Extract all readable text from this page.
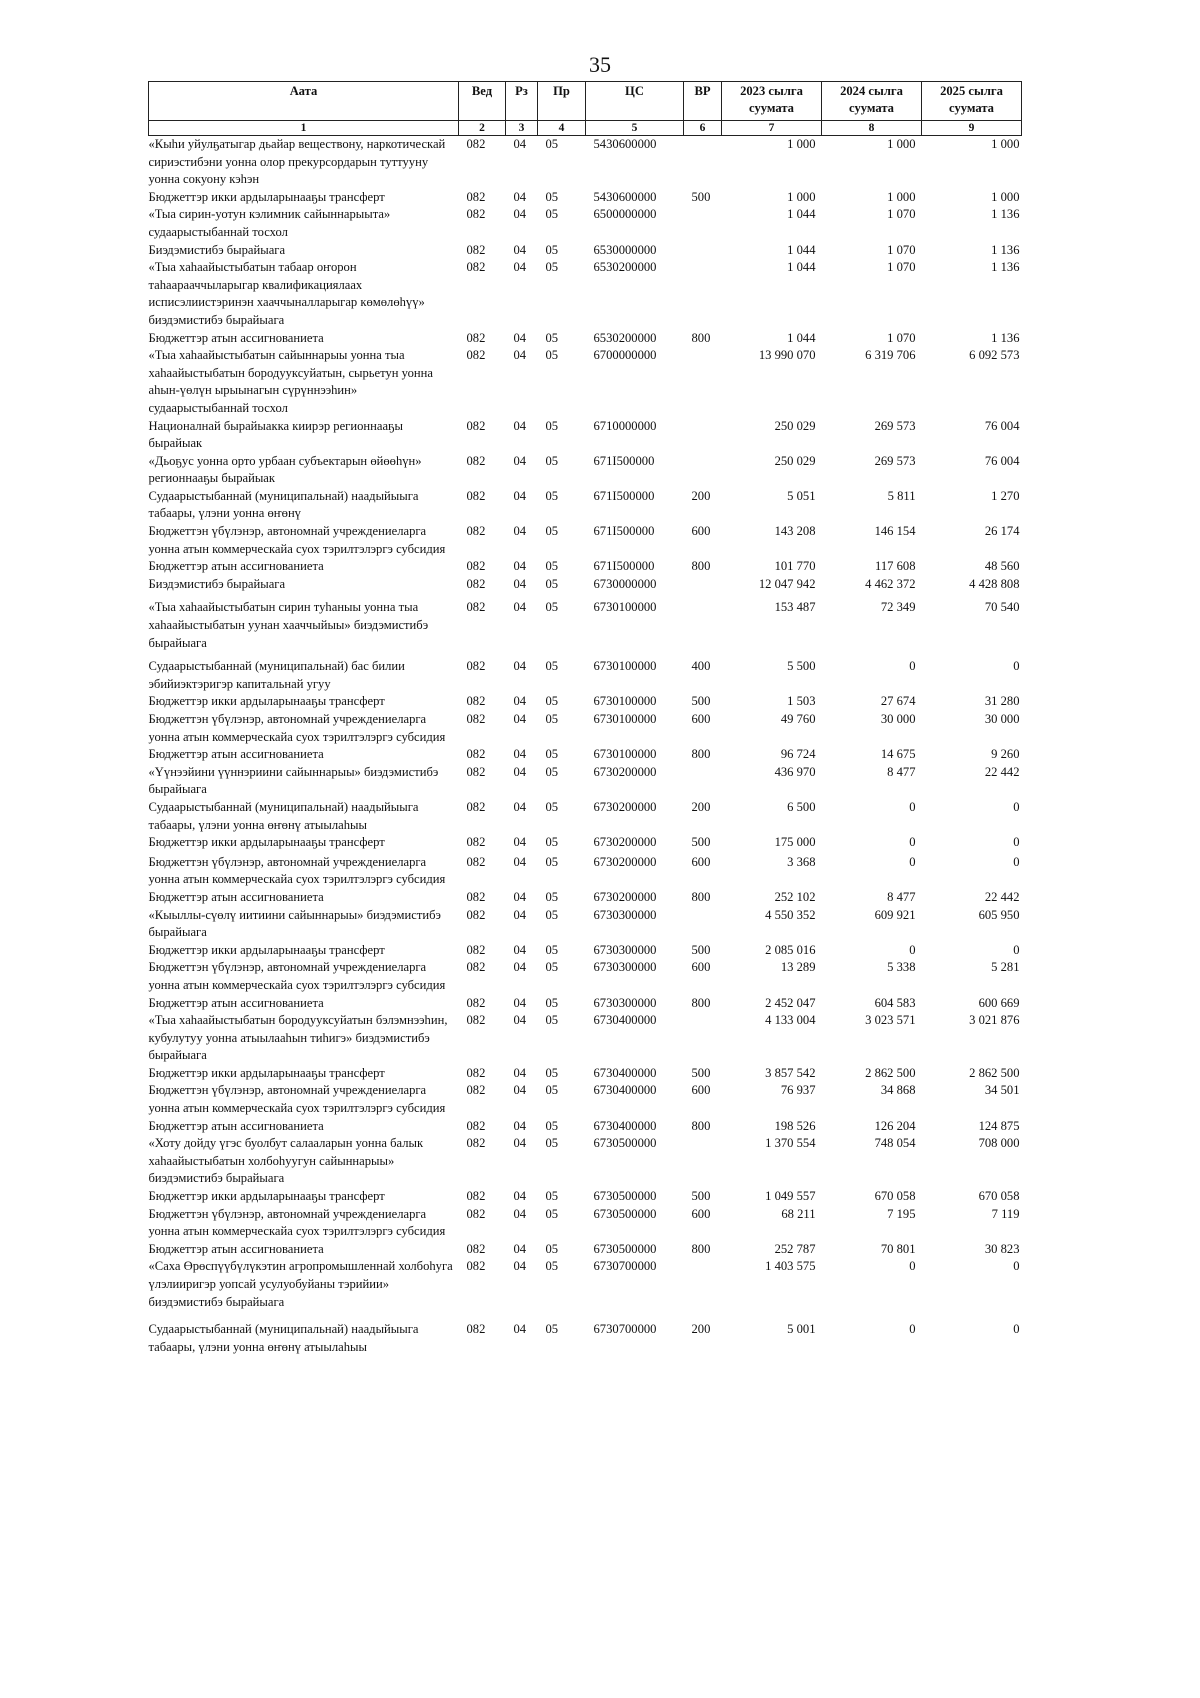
35
Аата	Вед	Рз	Пр	ЦС	ВР	2023 сылга суумата	2024 сылга суумата	2025 сылга суумата
1	2	3	4	5	6	7	8	9
«Кыһи уйулҕатыгар дьайар веществону, наркотическай сириэстибэни уонна олор прекурсордарын туттууну уонна сокуону кэһэн	082	04	05	5430600000		1 000	1 000	1 000
Бюджеттэр икки ардыларынааҕы трансферт	082	04	05	5430600000	500	1 000	1 000	1 000
«Тыа сирин-уотун кэлимник сайыннарыыта» судаарыстыбаннай тосхол	082	04	05	6500000000		1 044	1 070	1 136
Биэдэмистибэ бырайыага	082	04	05	6530000000		1 044	1 070	1 136
«Тыа хаһаайыстыбатын табаар оҥорон таһаарааччыларыгар квалификациялаах исписэлиистэринэн хааччыналларыгар көмөлөһүү» биэдэмистибэ бырайыага	082	04	05	6530200000		1 044	1 070	1 136
Бюджеттэр атын ассигнованиета	082	04	05	6530200000	800	1 044	1 070	1 136
«Тыа хаһаайыстыбатын сайыннарыы уонна тыа хаһаайыстыбатын бородууксуйатын, сырьетун уонна аһын-үөлүн ырыынагын сүрүннээһин» судаарыстыбаннай тосхол	082	04	05	6700000000		13 990 070	6 319 706	6 092 573
Националнай бырайыакка киирэр регионнааҕы бырайыак	082	04	05	6710000000		250 029	269 573	76 004
«Дьоҕус уонна орто урбаан субъектарын өйөөһүн» регионнааҕы бырайыак	082	04	05	671I500000		250 029	269 573	76 004
Судаарыстыбаннай (муниципальнай) наадыйыыга табаары, үлэни уонна өҥөнү	082	04	05	671I500000	200	5 051	5 811	1 270
Бюджеттэн үбүлэнэр, автономнай учреждениеларга уонна атын коммерческайа суох тэрилтэлэргэ субсидия	082	04	05	671I500000	600	143 208	146 154	26 174
Бюджеттэр атын ассигнованиета	082	04	05	671I500000	800	101 770	117 608	48 560
Биэдэмистибэ бырайыага	082	04	05	6730000000		12 047 942	4 462 372	4 428 808
«Тыа хаһаайыстыбатын сирин туһаныы уонна тыа хаһаайыстыбатын уунан хааччыйыы» биэдэмистибэ бырайыага	082	04	05	6730100000		153 487	72 349	70 540
Судаарыстыбаннай (муниципальнай) бас билии эбийиэктэригэр капитальнай угуу	082	04	05	6730100000	400	5 500	0	0
Бюджеттэр икки ардыларынааҕы трансферт	082	04	05	6730100000	500	1 503	27 674	31 280
Бюджеттэн үбүлэнэр, автономнай учреждениеларга уонна атын коммерческайа суох тэрилтэлэргэ субсидия	082	04	05	6730100000	600	49 760	30 000	30 000
Бюджеттэр атын ассигнованиета	082	04	05	6730100000	800	96 724	14 675	9 260
«Үүнээйини үүннэриини сайыннарыы» биэдэмистибэ бырайыага	082	04	05	6730200000		436 970	8 477	22 442
Судаарыстыбаннай (муниципальнай) наадыйыыга табаары, үлэни уонна өҥөнү атыылаһыы	082	04	05	6730200000	200	6 500	0	0
Бюджеттэр икки ардыларынааҕы трансферт	082	04	05	6730200000	500	175 000	0	0
Бюджеттэн үбүлэнэр, автономнай учреждениеларга уонна атын коммерческайа суох тэрилтэлэргэ субсидия	082	04	05	6730200000	600	3 368	0	0
Бюджеттэр атын ассигнованиета	082	04	05	6730200000	800	252 102	8 477	22 442
«Кыыллы-сүөлү иитиини сайыннарыы» биэдэмистибэ бырайыага	082	04	05	6730300000		4 550 352	609 921	605 950
Бюджеттэр икки ардыларынааҕы трансферт	082	04	05	6730300000	500	2 085 016	0	0
Бюджеттэн үбүлэнэр, автономнай учреждениеларга уонна атын коммерческайа суох тэрилтэлэргэ субсидия	082	04	05	6730300000	600	13 289	5 338	5 281
Бюджеттэр атын ассигнованиета	082	04	05	6730300000	800	2 452 047	604 583	600 669
«Тыа хаһаайыстыбатын бородууксуйатын бэлэмнээһин, кубулутуу уонна атыылааһын тиһигэ» биэдэмистибэ бырайыага	082	04	05	6730400000		4 133 004	3 023 571	3 021 876
Бюджеттэр икки ардыларынааҕы трансферт	082	04	05	6730400000	500	3 857 542	2 862 500	2 862 500
Бюджеттэн үбүлэнэр, автономнай учреждениеларга уонна атын коммерческайа суох тэрилтэлэргэ субсидия	082	04	05	6730400000	600	76 937	34 868	34 501
Бюджеттэр атын ассигнованиета	082	04	05	6730400000	800	198 526	126 204	124 875
«Хоту дойду үгэс буолбут салааларын уонна балык хаһаайыстыбатын холбоһуугун сайыннарыы» биэдэмистибэ бырайыага	082	04	05	6730500000		1 370 554	748 054	708 000
Бюджеттэр икки ардыларынааҕы трансферт	082	04	05	6730500000	500	1 049 557	670 058	670 058
Бюджеттэн үбүлэнэр, автономнай учреждениеларга уонна атын коммерческайа суох тэрилтэлэргэ субсидия	082	04	05	6730500000	600	68 211	7 195	7 119
Бюджеттэр атын ассигнованиета	082	04	05	6730500000	800	252 787	70 801	30 823
«Саха Өрөспүүбүлүкэтин агропромышленнай холбоһуга үлэлииригэр уопсай усулуобуйаны тэрийии» биэдэмистибэ бырайыага	082	04	05	6730700000		1 403 575	0	0
Судаарыстыбаннай (муниципальнай) наадыйыыга табаары, үлэни уонна өҥөнү атыылаһыы	082	04	05	6730700000	200	5 001	0	0
